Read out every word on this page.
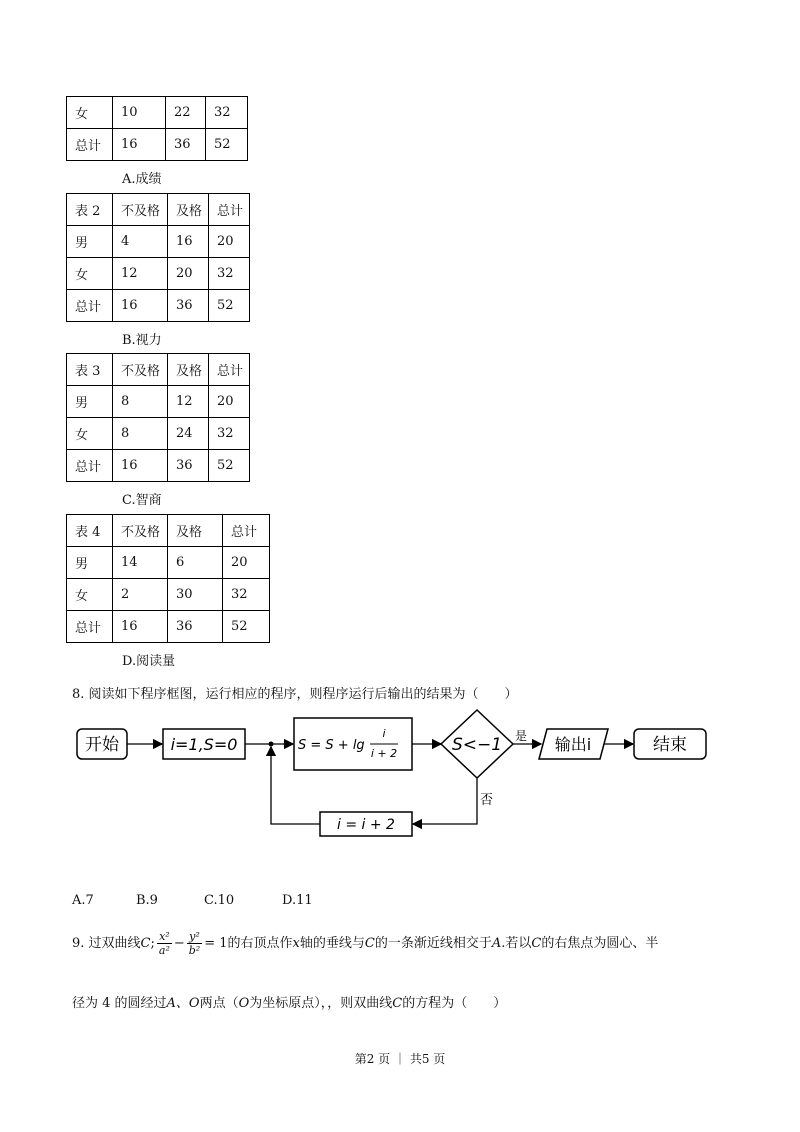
女	10	22	32
总计	16	36	52
A.成绩
表 2	不及格	及格	总计
男	4	16	20
女	12	20	32
总计	16	36	52
B.视力
表 3	不及格	及格	总计
男	8	12	20
女	8	24	32
总计	16	36	52
C.智商
表 4	不及格	及格	总计
男	14	6	20
女	2	30	32
总计	16	36	52
D.阅读量
8. 阅读如下程序框图，运行相应的程序，则程序运行后输出的结果为（　　）
开始	i=1,S=0	S = S + lg
i
i + 2	S<−1 是
否
输出i	结束
i = i + 2
A.7	B.9	C.10	D.11
9. 过双曲线C; $\frac{\text{x²}}{\text{a²}} - \frac{\text{y²}}{\text{b²}} = 1$的右顶点作x轴的垂线与C的一条渐近线相交于A.若以C的右焦点为圆心、半
径为 4 的圆经过A、O两点（O为坐标原点），，则双曲线C的方程为（　　）
第2 页 ｜ 共5 页
